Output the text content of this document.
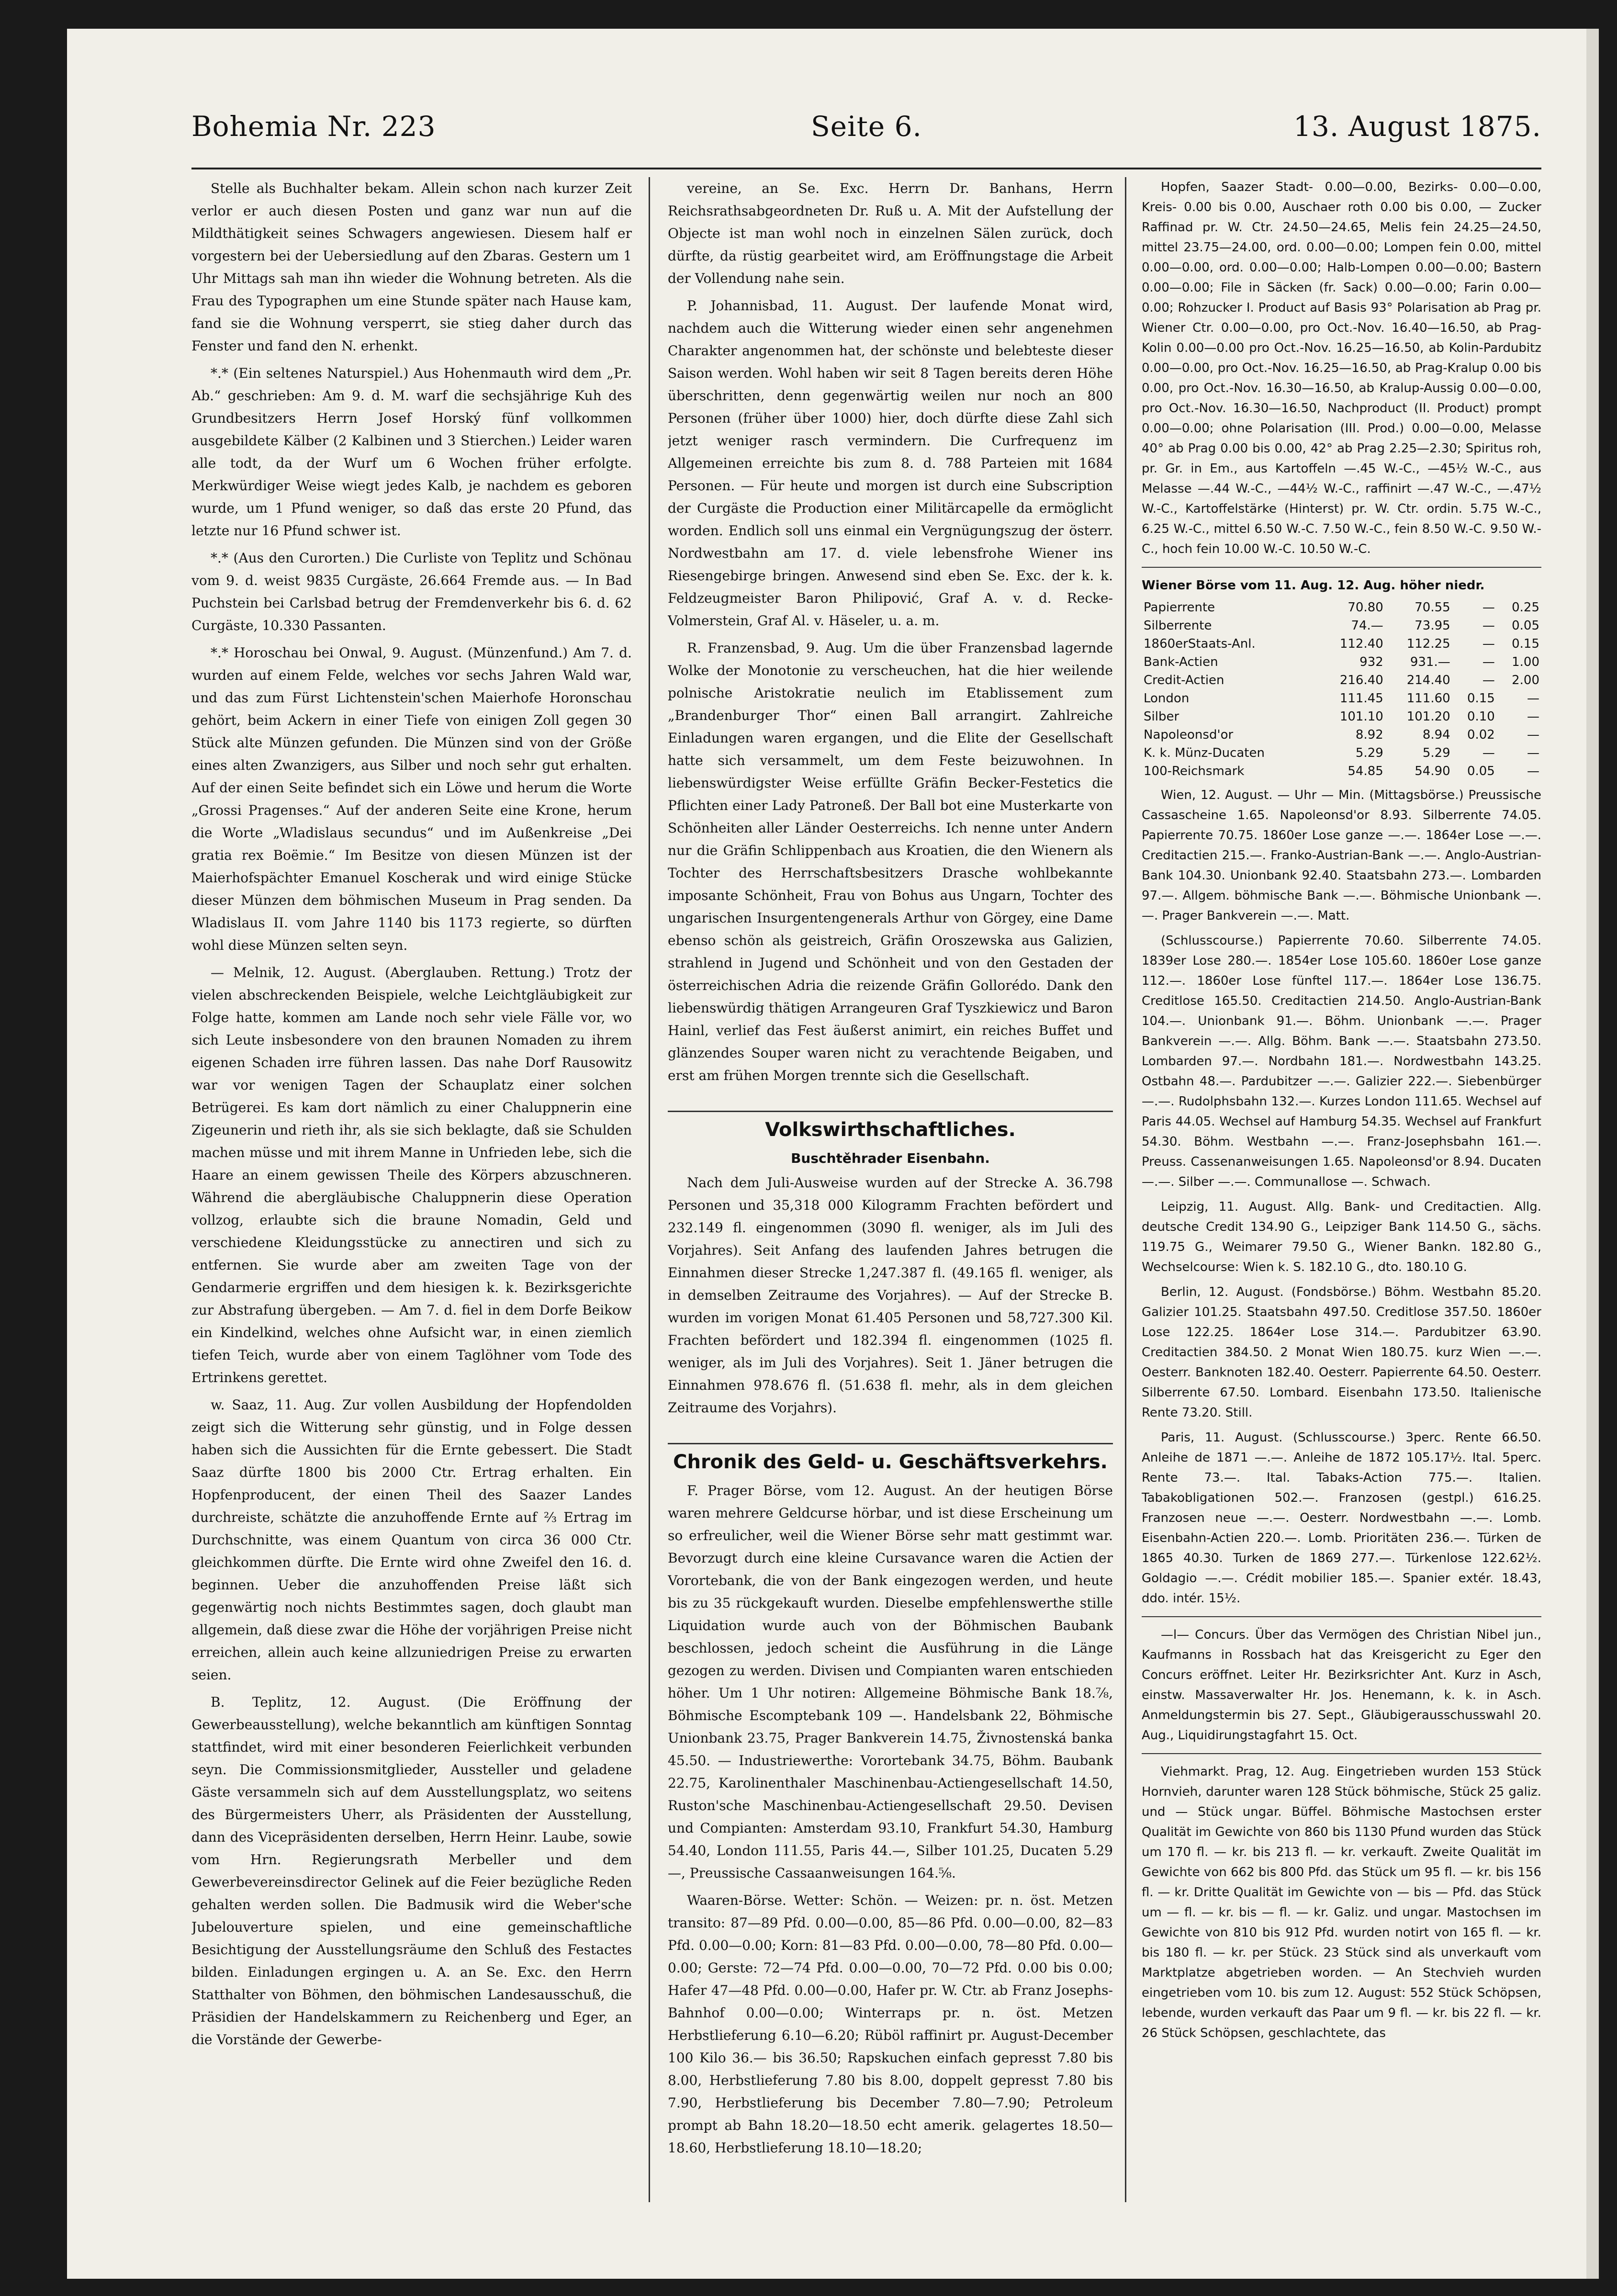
Bohemia Nr. 223	Seite 6.	13. August 1875.

Stelle als Buchhalter bekam. Allein schon nach kurzer Zeit verlor er auch diesen Posten und ganz war nun auf die Mildthätigkeit seines Schwagers angewiesen. Diesem half er vorgestern bei der Uebersiedlung auf den Zbaras. Gestern um 1 Uhr Mittags sah man ihn wieder die Wohnung betreten. Als die Frau des Typographen um eine Stunde später nach Hause kam, fand sie die Wohnung versperrt, sie stieg daher durch das Fenster und fand den N. erhenkt.

*.* (Ein seltenes Naturspiel.) Aus Hohenmauth wird dem „Pr. Ab.“ geschrieben: Am 9. d. M. warf die sechsjährige Kuh des Grundbesitzers Herrn Josef Horský fünf vollkommen ausgebildete Kälber (2 Kalbinen und 3 Stierchen.) Leider waren alle todt, da der Wurf um 6 Wochen früher erfolgte. Merkwürdiger Weise wiegt jedes Kalb, je nachdem es geboren wurde, um 1 Pfund weniger, so daß das erste 20 Pfund, das letzte nur 16 Pfund schwer ist.

*.* (Aus den Curorten.) Die Curliste von Teplitz und Schönau vom 9. d. weist 9835 Curgäste, 26.664 Fremde aus. — In Bad Puchstein bei Carlsbad betrug der Fremdenverkehr bis 6. d. 62 Curgäste, 10.330 Passanten.

*.* Horoschau bei Onwal, 9. August. (Münzenfund.) Am 7. d. wurden auf einem Felde, welches vor sechs Jahren Wald war, und das zum Fürst Lichtenstein'schen Maierhofe Horonschau gehört, beim Ackern in einer Tiefe von einigen Zoll gegen 30 Stück alte Münzen gefunden. Die Münzen sind von der Größe eines alten Zwanzigers, aus Silber und noch sehr gut erhalten. Auf der einen Seite befindet sich ein Löwe und herum die Worte „Grossi Pragenses.“ Auf der anderen Seite eine Krone, herum die Worte „Wladislaus secundus“ und im Außenkreise „Dei gratia rex Boëmie.“ Im Besitze von diesen Münzen ist der Maierhofspächter Emanuel Koscherak und wird einige Stücke dieser Münzen dem böhmischen Museum in Prag senden. Da Wladislaus II. vom Jahre 1140 bis 1173 regierte, so dürften wohl diese Münzen selten seyn.

— Melnik, 12. August. (Aberglauben. Rettung.) Trotz der vielen abschreckenden Beispiele, welche Leichtgläubigkeit zur Folge hatte, kommen am Lande noch sehr viele Fälle vor, wo sich Leute insbesondere von den braunen Nomaden zu ihrem eigenen Schaden irre führen lassen. Das nahe Dorf Rausowitz war vor wenigen Tagen der Schauplatz einer solchen Betrügerei. Es kam dort nämlich zu einer Chaluppnerin eine Zigeunerin und rieth ihr, als sie sich beklagte, daß sie Schulden machen müsse und mit ihrem Manne in Unfrieden lebe, sich die Haare an einem gewissen Theile des Körpers abzuschneren. Während die abergläubische Chaluppnerin diese Operation vollzog, erlaubte sich die braune Nomadin, Geld und verschiedene Kleidungsstücke zu annectiren und sich zu entfernen. Sie wurde aber am zweiten Tage von der Gendarmerie ergriffen und dem hiesigen k. k. Bezirksgerichte zur Abstrafung übergeben. — Am 7. d. fiel in dem Dorfe Beikow ein Kindelkind, welches ohne Aufsicht war, in einen ziemlich tiefen Teich, wurde aber von einem Taglöhner vom Tode des Ertrinkens gerettet.

w. Saaz, 11. Aug. Zur vollen Ausbildung der Hopfendolden zeigt sich die Witterung sehr günstig, und in Folge dessen haben sich die Aussichten für die Ernte gebessert. Die Stadt Saaz dürfte 1800 bis 2000 Ctr. Ertrag erhalten. Ein Hopfenproducent, der einen Theil des Saazer Landes durchreiste, schätzte die anzuhoffende Ernte auf ⅔ Ertrag im Durchschnitte, was einem Quantum von circa 36 000 Ctr. gleichkommen dürfte. Die Ernte wird ohne Zweifel den 16. d. beginnen. Ueber die anzuhoffenden Preise läßt sich gegenwärtig noch nichts Bestimmtes sagen, doch glaubt man allgemein, daß diese zwar die Höhe der vorjährigen Preise nicht erreichen, allein auch keine allzuniedrigen Preise zu erwarten seien.

B. Teplitz, 12. August. (Die Eröffnung der Gewerbeausstellung), welche bekanntlich am künftigen Sonntag stattfindet, wird mit einer besonderen Feierlichkeit verbunden seyn. Die Commissionsmitglieder, Aussteller und geladene Gäste versammeln sich auf dem Ausstellungsplatz, wo seitens des Bürgermeisters Uherr, als Präsidenten der Ausstellung, dann des Vicepräsidenten derselben, Herrn Heinr. Laube, sowie vom Hrn. Regierungsrath Merbeller und dem Gewerbevereinsdirector Gelinek auf die Feier bezügliche Reden gehalten werden sollen. Die Badmusik wird die Weber'sche Jubelouverture spielen, und eine gemeinschaftliche Besichtigung der Ausstellungsräume den Schluß des Festactes bilden. Einladungen ergingen u. A. an Se. Exc. den Herrn Statthalter von Böhmen, den böhmischen Landesausschuß, die Präsidien der Handelskammern zu Reichenberg und Eger, an die Vorstände der Gewerbe-

vereine, an Se. Exc. Herrn Dr. Banhans, Herrn Reichsrathsabgeordneten Dr. Ruß u. A. Mit der Aufstellung der Objecte ist man wohl noch in einzelnen Sälen zurück, doch dürfte, da rüstig gearbeitet wird, am Eröffnungstage die Arbeit der Vollendung nahe sein.

P. Johannisbad, 11. August. Der laufende Monat wird, nachdem auch die Witterung wieder einen sehr angenehmen Charakter angenommen hat, der schönste und belebteste dieser Saison werden. Wohl haben wir seit 8 Tagen bereits deren Höhe überschritten, denn gegenwärtig weilen nur noch an 800 Personen (früher über 1000) hier, doch dürfte diese Zahl sich jetzt weniger rasch vermindern. Die Curfrequenz im Allgemeinen erreichte bis zum 8. d. 788 Parteien mit 1684 Personen. — Für heute und morgen ist durch eine Subscription der Curgäste die Production einer Militärcapelle da ermöglicht worden. Endlich soll uns einmal ein Vergnügungszug der österr. Nordwestbahn am 17. d. viele lebensfrohe Wiener ins Riesengebirge bringen. Anwesend sind eben Se. Exc. der k. k. Feldzeugmeister Baron Philipović, Graf A. v. d. Recke-Volmerstein, Graf Al. v. Häseler, u. a. m.

R. Franzensbad, 9. Aug. Um die über Franzensbad lagernde Wolke der Monotonie zu verscheuchen, hat die hier weilende polnische Aristokratie neulich im Etablissement zum „Brandenburger Thor“ einen Ball arrangirt. Zahlreiche Einladungen waren ergangen, und die Elite der Gesellschaft hatte sich versammelt, um dem Feste beizuwohnen. In liebenswürdigster Weise erfüllte Gräfin Becker-Festetics die Pflichten einer Lady Patroneß. Der Ball bot eine Musterkarte von Schönheiten aller Länder Oesterreichs. Ich nenne unter Andern nur die Gräfin Schlippenbach aus Kroatien, die den Wienern als Tochter des Herrschaftsbesitzers Drasche wohlbekannte imposante Schönheit, Frau von Bohus aus Ungarn, Tochter des ungarischen Insurgentengenerals Arthur von Görgey, eine Dame ebenso schön als geistreich, Gräfin Oroszewska aus Galizien, strahlend in Jugend und Schönheit und von den Gestaden der österreichischen Adria die reizende Gräfin Gollorédo. Dank den liebenswürdig thätigen Arrangeuren Graf Tyszkiewicz und Baron Hainl, verlief das Fest äußerst animirt, ein reiches Buffet und glänzendes Souper waren nicht zu verachtende Beigaben, und erst am frühen Morgen trennte sich die Gesellschaft.

Volkswirthschaftliches.
Buschtěhrader Eisenbahn.

Nach dem Juli-Ausweise wurden auf der Strecke A. 36.798 Personen und 35,318 000 Kilogramm Frachten befördert und 232.149 fl. eingenommen (3090 fl. weniger, als im Juli des Vorjahres). Seit Anfang des laufenden Jahres betrugen die Einnahmen dieser Strecke 1,247.387 fl. (49.165 fl. weniger, als in demselben Zeitraume des Vorjahres). — Auf der Strecke B. wurden im vorigen Monat 61.405 Personen und 58,727.300 Kil. Frachten befördert und 182.394 fl. eingenommen (1025 fl. weniger, als im Juli des Vorjahres). Seit 1. Jäner betrugen die Einnahmen 978.676 fl. (51.638 fl. mehr, als in dem gleichen Zeitraume des Vorjahrs).

Chronik des Geld- u. Geschäftsverkehrs.

F. Prager Börse, vom 12. August. An der heutigen Börse waren mehrere Geldcurse hörbar, und ist diese Erscheinung um so erfreulicher, weil die Wiener Börse sehr matt gestimmt war. Bevorzugt durch eine kleine Cursavance waren die Actien der Vorortebank, die von der Bank eingezogen werden, und heute bis zu 35 rückgekauft wurden. Dieselbe empfehlenswerthe stille Liquidation wurde auch von der Böhmischen Baubank beschlossen, jedoch scheint die Ausführung in die Länge gezogen zu werden. Divisen und Compianten waren entschieden höher. Um 1 Uhr notiren: Allgemeine Böhmische Bank 18.⅞, Böhmische Escomptebank 109 —. Handelsbank 22, Böhmische Unionbank 23.75, Prager Bankverein 14.75, Živnostenská banka 45.50. — Industriewerthe: Vorortebank 34.75, Böhm. Baubank 22.75, Karolinenthaler Maschinenbau-Actiengesellschaft 14.50, Ruston'sche Maschinenbau-Actiengesellschaft 29.50. Devisen und Compianten: Amsterdam 93.10, Frankfurt 54.30, Hamburg 54.40, London 111.55, Paris 44.—, Silber 101.25, Ducaten 5.29—, Preussische Cassaanweisungen 164.⅝.

Waaren-Börse. Wetter: Schön. — Weizen: pr. n. öst. Metzen transito: 87—89 Pfd. 0.00—0.00, 85—86 Pfd. 0.00—0.00, 82—83 Pfd. 0.00—0.00; Korn: 81—83 Pfd. 0.00—0.00, 78—80 Pfd. 0.00—0.00; Gerste: 72—74 Pfd. 0.00—0.00, 70—72 Pfd. 0.00 bis 0.00; Hafer 47—48 Pfd. 0.00—0.00, Hafer pr. W. Ctr. ab Franz Josephs-Bahnhof 0.00—0.00; Winterraps pr. n. öst. Metzen Herbstlieferung 6.10—6.20; Rüböl raffinirt pr. August-December 100 Kilo 36.— bis 36.50; Rapskuchen einfach gepresst 7.80 bis 8.00, Herbstlieferung 7.80 bis 8.00, doppelt gepresst 7.80 bis 7.90, Herbstlieferung bis December 7.80—7.90; Petroleum prompt ab Bahn 18.20—18.50 echt amerik. gelagertes 18.50—18.60, Herbstlieferung 18.10—18.20;

Hopfen, Saazer Stadt- 0.00—0.00, Bezirks- 0.00—0.00, Kreis- 0.00 bis 0.00, Auschaer roth 0.00 bis 0.00, — Zucker Raffinad pr. W. Ctr. 24.50—24.65, Melis fein 24.25—24.50, mittel 23.75—24.00, ord. 0.00—0.00; Lompen fein 0.00, mittel 0.00—0.00, ord. 0.00—0.00; Halb-Lompen 0.00—0.00; Bastern 0.00—0.00; File in Säcken (fr. Sack) 0.00—0.00; Farin 0.00—0.00; Rohzucker I. Product auf Basis 93° Polarisation ab Prag pr. Wiener Ctr. 0.00—0.00, pro Oct.-Nov. 16.40—16.50, ab Prag-Kolin 0.00—0.00 pro Oct.-Nov. 16.25—16.50, ab Kolin-Pardubitz 0.00—0.00, pro Oct.-Nov. 16.25—16.50, ab Prag-Kralup 0.00 bis 0.00, pro Oct.-Nov. 16.30—16.50, ab Kralup-Aussig 0.00—0.00, pro Oct.-Nov. 16.30—16.50, Nachproduct (II. Product) prompt 0.00—0.00; ohne Polarisation (III. Prod.) 0.00—0.00, Melasse 40° ab Prag 0.00 bis 0.00, 42° ab Prag 2.25—2.30; Spiritus roh, pr. Gr. in Em., aus Kartoffeln —.45 W.-C., —45½ W.-C., aus Melasse —.44 W.-C., —44½ W.-C., raffinirt —.47 W.-C., —.47½ W.-C., Kartoffelstärke (Hinterst) pr. W. Ctr. ordin. 5.75 W.-C., 6.25 W.-C., mittel 6.50 W.-C. 7.50 W.-C., fein 8.50 W.-C. 9.50 W.-C., hoch fein 10.00 W.-C. 10.50 W.-C.

Wiener Börse vom 11. Aug. 12. Aug. höher niedr.
Papierrente	70.80	70.55	—	0.25
Silberrente	74.—	73.95	—	0.05
1860erStaats-Anl.	112.40	112.25	—	0.15
Bank-Actien	932	931.—	—	1.00
Credit-Actien	216.40	214.40	—	2.00
London	111.45	111.60	0.15	—
Silber	101.10	101.20	0.10	—
Napoleonsd'or	8.92	8.94	0.02	—
K. k. Münz-Ducaten	5.29	5.29	—	—
100-Reichsmark	54.85	54.90	0.05	—

Wien, 12. August. — Uhr — Min. (Mittagsbörse.) Preussische Cassascheine 1.65. Napoleonsd'or 8.93. Silberrente 74.05. Papierrente 70.75. 1860er Lose ganze —.—. 1864er Lose —.—. Creditactien 215.—. Franko-Austrian-Bank —.—. Anglo-Austrian-Bank 104.30. Unionbank 92.40. Staatsbahn 273.—. Lombarden 97.—. Allgem. böhmische Bank —.—. Böhmische Unionbank —.—. Prager Bankverein —.—. Matt.

(Schlusscourse.) Papierrente 70.60. Silberrente 74.05. 1839er Lose 280.—. 1854er Lose 105.60. 1860er Lose ganze 112.—. 1860er Lose fünftel 117.—. 1864er Lose 136.75. Creditlose 165.50. Creditactien 214.50. Anglo-Austrian-Bank 104.—. Unionbank 91.—. Böhm. Unionbank —.—. Prager Bankverein —.—. Allg. Böhm. Bank —.—. Staatsbahn 273.50. Lombarden 97.—. Nordbahn 181.—. Nordwestbahn 143.25. Ostbahn 48.—. Pardubitzer —.—. Galizier 222.—. Siebenbürger —.—. Rudolphsbahn 132.—. Kurzes London 111.65. Wechsel auf Paris 44.05. Wechsel auf Hamburg 54.35. Wechsel auf Frankfurt 54.30. Böhm. Westbahn —.—. Franz-Josephsbahn 161.—. Preuss. Cassenanweisungen 1.65. Napoleonsd'or 8.94. Ducaten —.—. Silber —.—. Communallose —. Schwach.

Leipzig, 11. August. Allg. Bank- und Creditactien. Allg. deutsche Credit 134.90 G., Leipziger Bank 114.50 G., sächs. 119.75 G., Weimarer 79.50 G., Wiener Bankn. 182.80 G., Wechselcourse: Wien k. S. 182.10 G., dto. 180.10 G.

Berlin, 12. August. (Fondsbörse.) Böhm. Westbahn 85.20. Galizier 101.25. Staatsbahn 497.50. Creditlose 357.50. 1860er Lose 122.25. 1864er Lose 314.—. Pardubitzer 63.90. Creditactien 384.50. 2 Monat Wien 180.75. kurz Wien —.—. Oesterr. Banknoten 182.40. Oesterr. Papierrente 64.50. Oesterr. Silberrente 67.50. Lombard. Eisenbahn 173.50. Italienische Rente 73.20. Still.

Paris, 11. August. (Schlusscourse.) 3perc. Rente 66.50. Anleihe de 1871 —.—. Anleihe de 1872 105.17½. Ital. 5perc. Rente 73.—. Ital. Tabaks-Action 775.—. Italien. Tabakobligationen 502.—. Franzosen (gestpl.) 616.25. Franzosen neue —.—. Oesterr. Nordwestbahn —.—. Lomb. Eisenbahn-Actien 220.—. Lomb. Prioritäten 236.—. Türken de 1865 40.30. Turken de 1869 277.—. Türkenlose 122.62½. Goldagio —.—. Crédit mobilier 185.—. Spanier extér. 18.43, ddo. intér. 15½.

—l— Concurs. Über das Vermögen des Christian Nibel jun., Kaufmanns in Rossbach hat das Kreisgericht zu Eger den Concurs eröffnet. Leiter Hr. Bezirksrichter Ant. Kurz in Asch, einstw. Massaverwalter Hr. Jos. Henemann, k. k. in Asch. Anmeldungstermin bis 27. Sept., Gläubigerausschusswahl 20. Aug., Liquidirungstagfahrt 15. Oct.

Viehmarkt. Prag, 12. Aug. Eingetrieben wurden 153 Stück Hornvieh, darunter waren 128 Stück böhmische, Stück 25 galiz. und — Stück ungar. Büffel. Böhmische Mastochsen erster Qualität im Gewichte von 860 bis 1130 Pfund wurden das Stück um 170 fl. — kr. bis 213 fl. — kr. verkauft. Zweite Qualität im Gewichte von 662 bis 800 Pfd. das Stück um 95 fl. — kr. bis 156 fl. — kr. Dritte Qualität im Gewichte von — bis — Pfd. das Stück um — fl. — kr. bis — fl. — kr. Galiz. und ungar. Mastochsen im Gewichte von 810 bis 912 Pfd. wurden notirt von 165 fl. — kr. bis 180 fl. — kr. per Stück. 23 Stück sind als unverkauft vom Marktplatze abgetrieben worden. — An Stechvieh wurden eingetrieben vom 10. bis zum 12. August: 552 Stück Schöpsen, lebende, wurden verkauft das Paar um 9 fl. — kr. bis 22 fl. — kr. 26 Stück Schöpsen, geschlachtete, das
